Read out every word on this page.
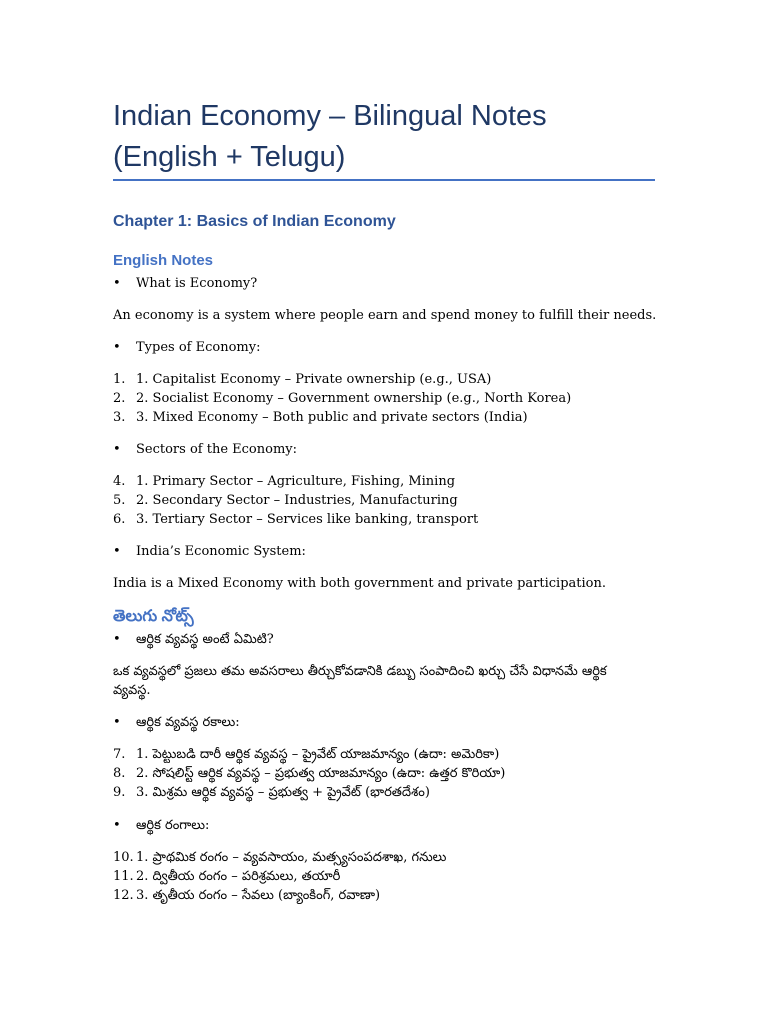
Indian Economy – Bilingual Notes
(English + Telugu)
Chapter 1: Basics of Indian Economy
English Notes
• What is Economy?
An economy is a system where people earn and spend money to fulfill their needs.
• Types of Economy:
1. 1. Capitalist Economy – Private ownership (e.g., USA)
2. 2. Socialist Economy – Government ownership (e.g., North Korea)
3. 3. Mixed Economy – Both public and private sectors (India)
• Sectors of the Economy:
4. 1. Primary Sector – Agriculture, Fishing, Mining
5. 2. Secondary Sector – Industries, Manufacturing
6. 3. Tertiary Sector – Services like banking, transport
• India’s Economic System:
India is a Mixed Economy with both government and private participation.
తెలుగు నోట్స్
• ఆర్థిక వ్యవస్థ అంటే ఏమిటి?
ఒక వ్యవస్థలో ప్రజలు తమ అవసరాలు తీర్చుకోవడానికి డబ్బు సంపాదించి ఖర్చు చేసే విధానమే ఆర్థిక వ్యవస్థ.
• ఆర్థిక వ్యవస్థ రకాలు:
7. 1. పెట్టుబడి దారీ ఆర్థిక వ్యవస్థ – ప్రైవేట్ యాజమాన్యం (ఉదా: అమెరికా)
8. 2. సోషలిస్ట్ ఆర్థిక వ్యవస్థ – ప్రభుత్వ యాజమాన్యం (ఉదా: ఉత్తర కొరియా)
9. 3. మిశ్రమ ఆర్థిక వ్యవస్థ – ప్రభుత్వ + ప్రైవేట్ (భారతదేశం)
• ఆర్థిక రంగాలు:
10. 1. ప్రాథమిక రంగం – వ్యవసాయం, మత్స్యసంపదశాఖ, గనులు
11. 2. ద్వితీయ రంగం – పరిశ్రమలు, తయారీ
12. 3. తృతీయ రంగం – సేవలు (బ్యాంకింగ్, రవాణా)
